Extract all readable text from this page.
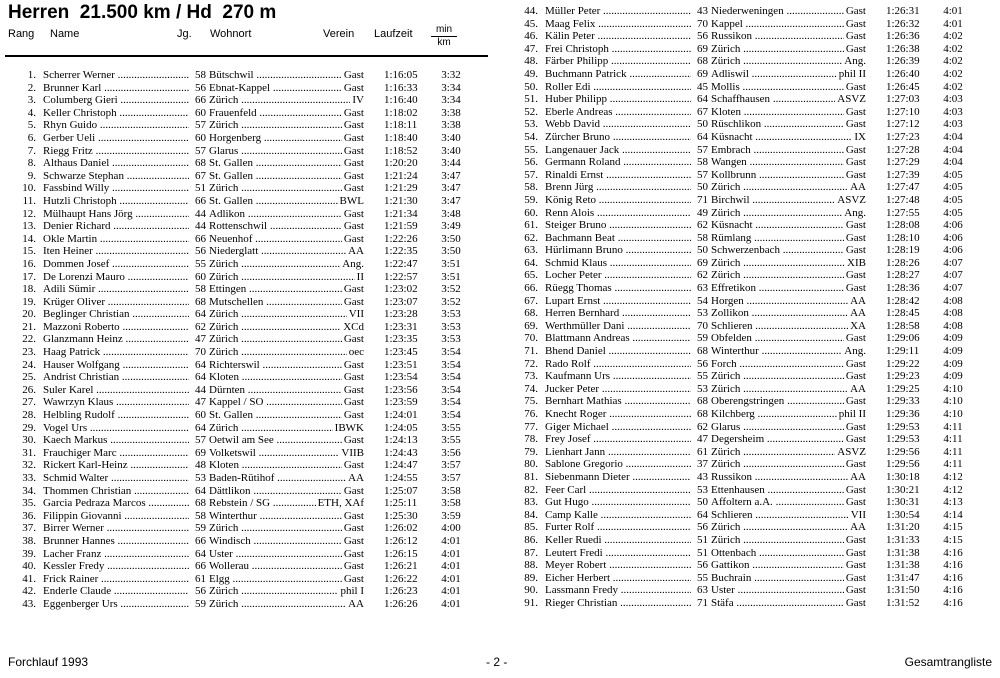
Herren  21.500 km / Hd  270 m
Rang Name	Jg. Wohnort	Verein Laufzeit	min
km
1. Scherrer Werner .....	58 Bütschwil .....	Gast 1:16:05	3:32
2. Brunner Karl .....	56 Ebnat-Kappel .....	Gast 1:16:33	3:34
3. Columberg Gieri .....	66 Zürich .....	IV 1:16:40	3:34
4. Keller Christoph .....	60 Frauenfeld .....	Gast 1:18:02	3:38
5. Rhyn Guido .....	57 Zürich .....	Gast 1:18:11	3:38
6. Gerber Ueli .....	60 Horgenberg .....	Gast 1:18:40	3:40
7. Riegg Fritz .....	57 Glarus .....	Gast 1:18:52	3:40
8. Althaus Daniel .....	68 St. Gallen .....	Gast 1:20:20	3:44
9. Schwarze Stephan .....	67 St. Gallen .....	Gast 1:21:24	3:47
10. Fassbind Willy .....	51 Zürich .....	Gast 1:21:29	3:47
11. Hutzli Christoph .....	66 St. Gallen .....	BWL 1:21:30	3:47
12. Mülhaupt Hans Jörg .....	44 Adlikon .....	Gast 1:21:34	3:48
13. Denier Richard .....	44 Rottenschwil .....	Gast 1:21:59	3:49
14. Okle Martin .....	66 Neuenhof .....	Gast 1:22:26	3:50
15. Iten Heiner .....	56 Niederglatt .....	AA 1:22:35	3:50
16. Dommen Josef .....	55 Zürich .....	Ang. 1:22:47	3:51
17. De Lorenzi Mauro .....	60 Zürich .....	II 1:22:57	3:51
18. Adili Sümir .....	58 Ettingen .....	Gast 1:23:02	3:52
19. Krüger Oliver .....	68 Mutschellen .....	Gast 1:23:07	3:52
20. Beglinger Christian .....	64 Zürich .....	VII 1:23:28	3:53
21. Mazzoni Roberto .....	62 Zürich .....	XCd 1:23:31	3:53
22. Glanzmann Heinz .....	47 Zürich .....	Gast 1:23:35	3:53
23. Haag Patrick .....	70 Zürich .....	oec 1:23:45	3:54
24. Hauser Wolfgang .....	64 Richterswil .....	Gast 1:23:51	3:54
25. Andrist Christian .....	64 Kloten .....	Gast 1:23:54	3:54
26. Suler Karel .....	44 Dürnten .....	Gast 1:23:56	3:54
27. Wawrzyn Klaus .....	47 Kappel / SO .....	Gast 1:23:59	3:54
28. Helbling Rudolf .....	60 St. Gallen .....	Gast 1:24:01	3:54
29. Vogel Urs .....	64 Zürich .....	IBWK 1:24:05	3:55
30. Kaech Markus .....	57 Oetwil am See .....	Gast 1:24:13	3:55
31. Frauchiger Marc .....	69 Volketswil .....	VIIB 1:24:43	3:56
32. Rickert Karl-Heinz .....	48 Kloten .....	Gast 1:24:47	3:57
33. Schmid Walter .....	53 Baden-Rütihof .....	AA 1:24:55	3:57
34. Thommen Christian .....	64 Dättlikon .....	Gast 1:25:07	3:58
35. Garcia Pedraza Marcos .....	68 Rebstein / SG .....	ETH, XAf 1:25:11	3:58
36. Filippin Giovanni .....	58 Winterthur .....	Gast 1:25:30	3:59
37. Birrer Werner .....	59 Zürich .....	Gast 1:26:02	4:00
38. Brunner Hannes .....	66 Windisch .....	Gast 1:26:12	4:01
39. Lacher Franz .....	64 Uster .....	Gast 1:26:15	4:01
40. Kessler Fredy .....	66 Wollerau .....	Gast 1:26:21	4:01
41. Frick Rainer .....	61 Elgg .....	Gast 1:26:22	4:01
42. Enderle Claude .....	56 Zürich .....	phil I 1:26:23	4:01
43. Eggenberger Urs .....	59 Zürich .....	AA 1:26:26	4:01
44. Müller Peter .....	43 Niederweningen .....	Gast 1:26:31	4:01
45. Maag Felix .....	70 Kappel .....	Gast 1:26:32	4:01
46. Kälin Peter .....	56 Russikon .....	Gast 1:26:36	4:02
47. Frei Christoph .....	69 Zürich .....	Gast 1:26:38	4:02
48. Färber Philipp .....	68 Zürich .....	Ang. 1:26:39	4:02
49. Buchmann Patrick .....	69 Adliswil .....	phil II 1:26:40	4:02
50. Roller Edi .....	45 Mollis .....	Gast 1:26:45	4:02
51. Huber Philipp .....	64 Schaffhausen .....	ASVZ 1:27:03	4:03
52. Eberle Andreas .....	67 Kloten .....	Gast 1:27:10	4:03
53. Webb David .....	50 Rüschlikon .....	Gast 1:27:12	4:03
54. Zürcher Bruno .....	64 Küsnacht .....	IX 1:27:23	4:04
55. Langenauer Jack .....	57 Embrach .....	Gast 1:27:28	4:04
56. Germann Roland .....	58 Wangen .....	Gast 1:27:29	4:04
57. Rinaldi Ernst .....	57 Kollbrunn .....	Gast 1:27:39	4:05
58. Brenn Jürg .....	50 Zürich .....	AA 1:27:47	4:05
59. König Reto .....	71 Birchwil .....	ASVZ 1:27:48	4:05
60. Renn Alois .....	49 Zürich .....	Ang. 1:27:55	4:05
61. Steiger Bruno .....	62 Küsnacht .....	Gast 1:28:08	4:06
62. Bachmann Beat .....	58 Rümlang .....	Gast 1:28:10	4:06
63. Hürlimann Bruno .....	50 Schwerzenbach .....	Gast 1:28:19	4:06
64. Schmid Klaus .....	69 Zürich .....	XIB 1:28:26	4:07
65. Locher Peter .....	62 Zürich .....	Gast 1:28:27	4:07
66. Rüegg Thomas .....	63 Effretikon .....	Gast 1:28:36	4:07
67. Lupart Ernst .....	54 Horgen .....	AA 1:28:42	4:08
68. Herren Bernhard .....	53 Zollikon .....	AA 1:28:45	4:08
69. Werthmüller Dani .....	70 Schlieren .....	XA 1:28:58	4:08
70. Blattmann Andreas .....	59 Obfelden .....	Gast 1:29:06	4:09
71. Bhend Daniel .....	68 Winterthur .....	Ang. 1:29:11	4:09
72. Rado Rolf .....	56 Forch .....	Gast 1:29:22	4:09
73. Kaufmann Urs .....	55 Zürich .....	Gast 1:29:23	4:09
74. Jucker Peter .....	53 Zürich .....	AA 1:29:25	4:10
75. Bernhart Mathias .....	68 Oberengstringen .....	Gast 1:29:33	4:10
76. Knecht Roger .....	68 Kilchberg .....	phil II 1:29:36	4:10
77. Giger Michael .....	62 Glarus .....	Gast 1:29:53	4:11
78. Frey Josef .....	47 Degersheim .....	Gast 1:29:53	4:11
79. Lienhart Jann .....	61 Zürich .....	ASVZ 1:29:56	4:11
80. Sablone Gregorio .....	37 Zürich .....	Gast 1:29:56	4:11
81. Siebenmann Dieter .....	43 Russikon .....	AA 1:30:18	4:12
82. Feer Carl .....	53 Ettenhausen .....	Gast 1:30:21	4:12
83. Gut Hugo .....	50 Affoltern a.A. .....	Gast 1:30:31	4:13
84. Camp Kalle .....	64 Schlieren .....	VII 1:30:54	4:14
85. Furter Rolf .....	56 Zürich .....	AA 1:31:20	4:15
86. Keller Ruedi .....	51 Zürich .....	Gast 1:31:33	4:15
87. Leutert Fredi .....	51 Ottenbach .....	Gast 1:31:38	4:16
88. Meyer Robert .....	56 Gattikon .....	Gast 1:31:38	4:16
89. Eicher Herbert .....	55 Buchrain .....	Gast 1:31:47	4:16
90. Lassmann Fredy .....	63 Uster .....	Gast 1:31:50	4:16
91. Rieger Christian .....	71 Stäfa .....	Gast 1:31:52	4:16
Forchlauf 1993	- 2 -	Gesamtrangliste
